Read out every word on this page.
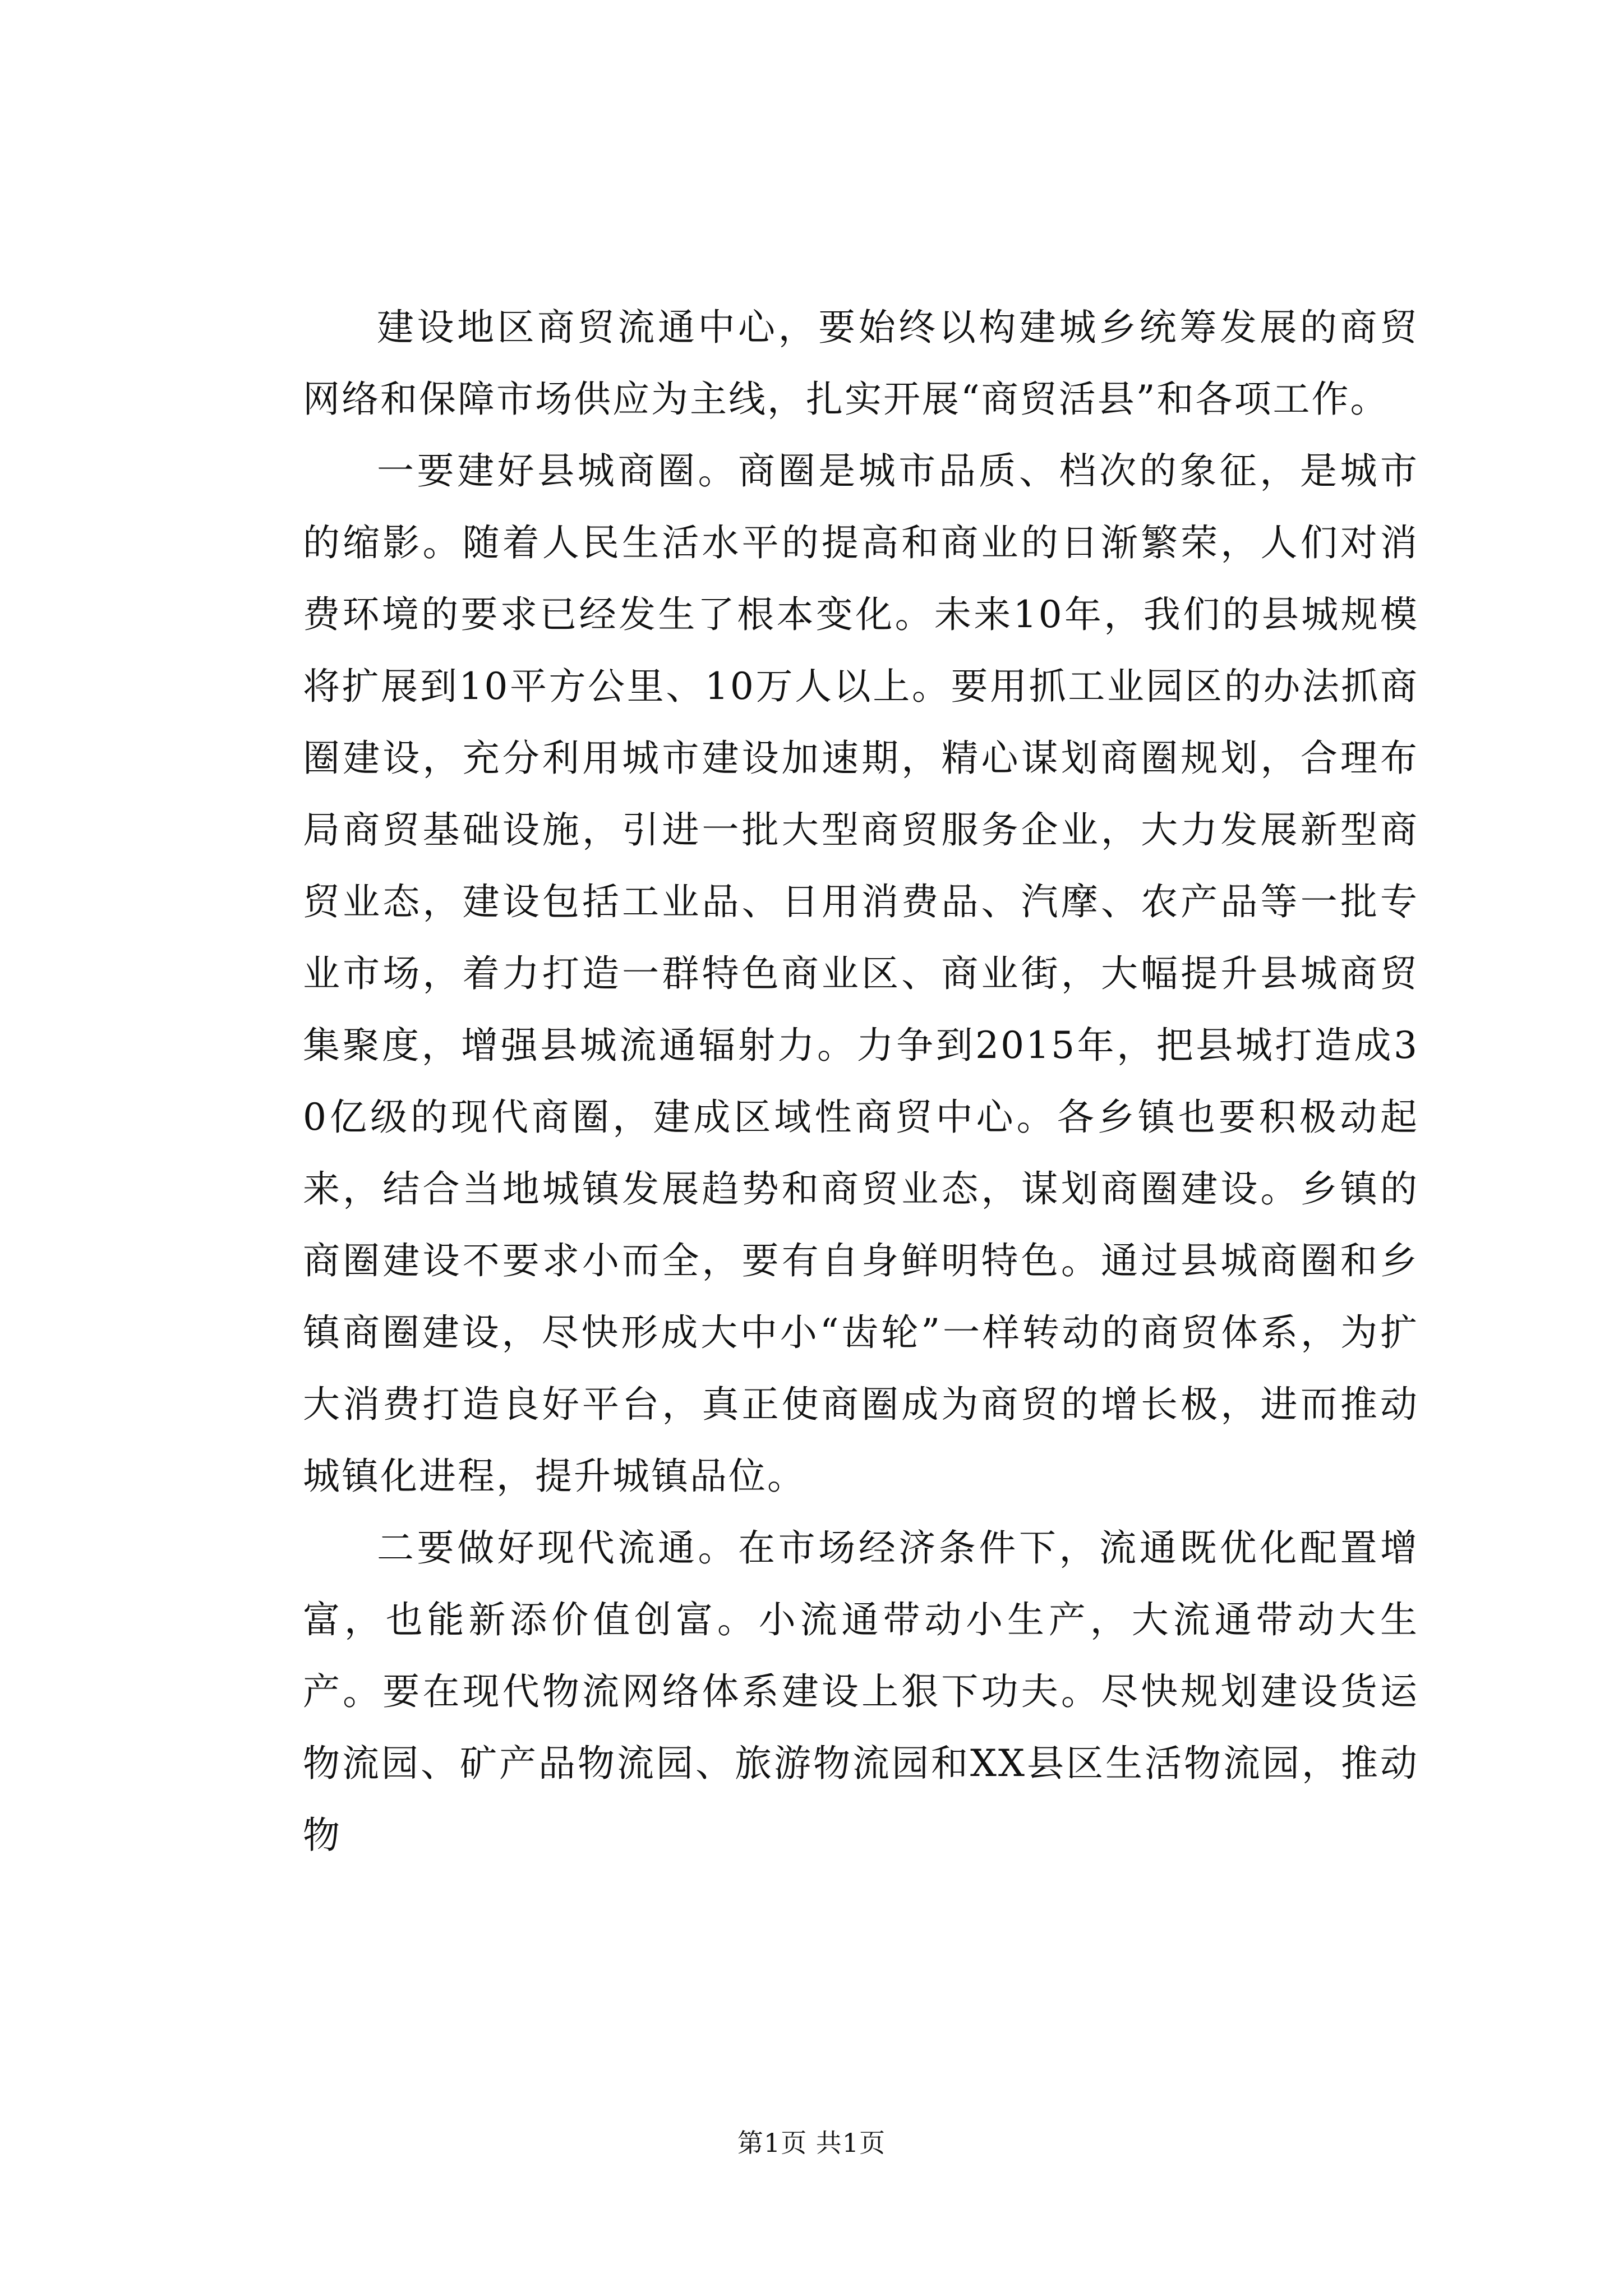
建设地区商贸流通中心，要始终以构建城乡统筹发展的商贸网络和保障市场供应为主线，扎实开展“商贸活县”和各项工作。

一要建好县城商圈。商圈是城市品质、档次的象征，是城市的缩影。随着人民生活水平的提高和商业的日渐繁荣，人们对消费环境的要求已经发生了根本变化。未来10年，我们的县城规模将扩展到10平方公里、10万人以上。要用抓工业园区的办法抓商圈建设，充分利用城市建设加速期，精心谋划商圈规划，合理布局商贸基础设施，引进一批大型商贸服务企业，大力发展新型商贸业态，建设包括工业品、日用消费品、汽摩、农产品等一批专业市场，着力打造一群特色商业区、商业街，大幅提升县城商贸集聚度，增强县城流通辐射力。力争到2015年，把县城打造成30亿级的现代商圈，建成区域性商贸中心。各乡镇也要积极动起来，结合当地城镇发展趋势和商贸业态，谋划商圈建设。乡镇的商圈建设不要求小而全，要有自身鲜明特色。通过县城商圈和乡镇商圈建设，尽快形成大中小“齿轮”一样转动的商贸体系，为扩大消费打造良好平台，真正使商圈成为商贸的增长极，进而推动城镇化进程，提升城镇品位。

二要做好现代流通。在市场经济条件下，流通既优化配置增富，也能新添价值创富。小流通带动小生产，大流通带动大生产。要在现代物流网络体系建设上狠下功夫。尽快规划建设货运物流园、矿产品物流园、旅游物流园和XX县区生活物流园，推动物

第1页 共1页
